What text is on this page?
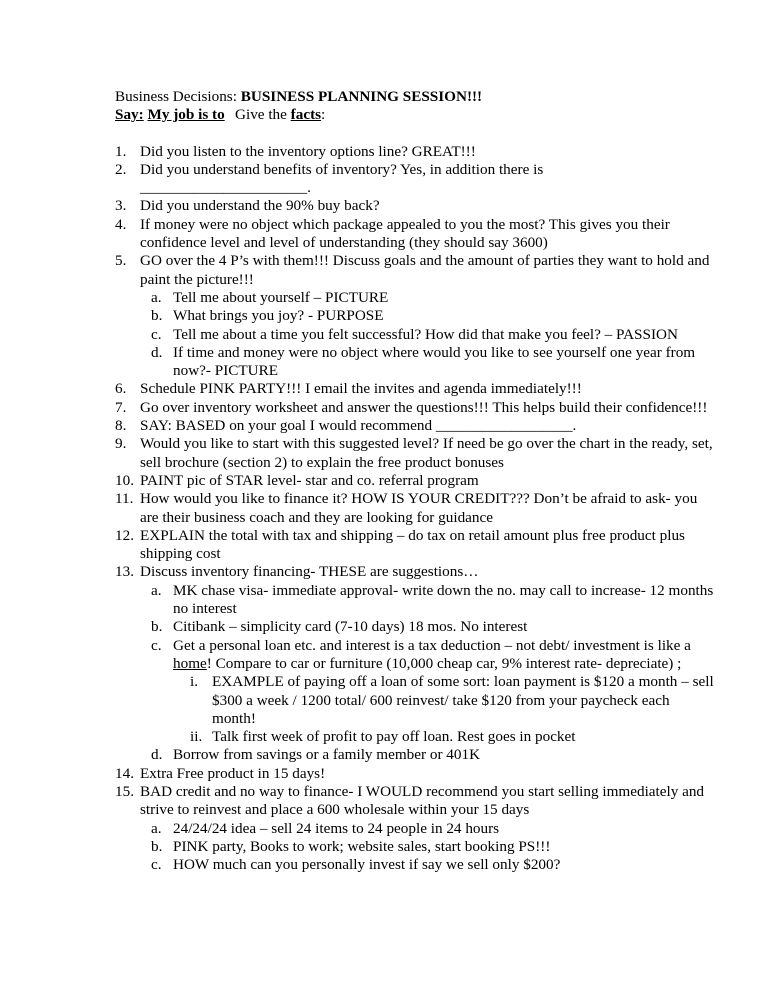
Business Decisions: BUSINESS PLANNING SESSION!!!

Say: My job is to Give the facts:

1. Did you listen to the inventory options line? GREAT!!!
2. Did you understand benefits of inventory? Yes, in addition there is ______________________.
3. Did you understand the 90% buy back?
4. If money were no object which package appealed to you the most? This gives you their confidence level and level of understanding (they should say 3600)
5. GO over the 4 P’s with them!!! Discuss goals and the amount of parties they want to hold and paint the picture!!!
a. Tell me about yourself – PICTURE
b. What brings you joy? - PURPOSE
c. Tell me about a time you felt successful? How did that make you feel? – PASSION
d. If time and money were no object where would you like to see yourself one year from now?- PICTURE
6. Schedule PINK PARTY!!! I email the invites and agenda immediately!!!
7. Go over inventory worksheet and answer the questions!!! This helps build their confidence!!!
8. SAY: BASED on your goal I would recommend __________________.
9. Would you like to start with this suggested level? If need be go over the chart in the ready, set, sell brochure (section 2) to explain the free product bonuses
10. PAINT pic of STAR level- star and co. referral program
11. How would you like to finance it? HOW IS YOUR CREDIT??? Don’t be afraid to ask- you are their business coach and they are looking for guidance
12. EXPLAIN the total with tax and shipping – do tax on retail amount plus free product plus shipping cost
13. Discuss inventory financing- THESE are suggestions…
a. MK chase visa- immediate approval- write down the no. may call to increase- 12 months no interest
b. Citibank – simplicity card (7-10 days) 18 mos. No interest
c. Get a personal loan etc. and interest is a tax deduction – not debt/ investment is like a home! Compare to car or furniture (10,000 cheap car, 9% interest rate- depreciate) ;
i. EXAMPLE of paying off a loan of some sort: loan payment is $120 a month – sell $300 a week / 1200 total/ 600 reinvest/ take $120 from your paycheck each month!
ii. Talk first week of profit to pay off loan. Rest goes in pocket
d. Borrow from savings or a family member or 401K
14. Extra Free product in 15 days!
15. BAD credit and no way to finance- I WOULD recommend you start selling immediately and strive to reinvest and place a 600 wholesale within your 15 days
a. 24/24/24 idea – sell 24 items to 24 people in 24 hours
b. PINK party, Books to work; website sales, start booking PS!!!
c. HOW much can you personally invest if say we sell only $200?
